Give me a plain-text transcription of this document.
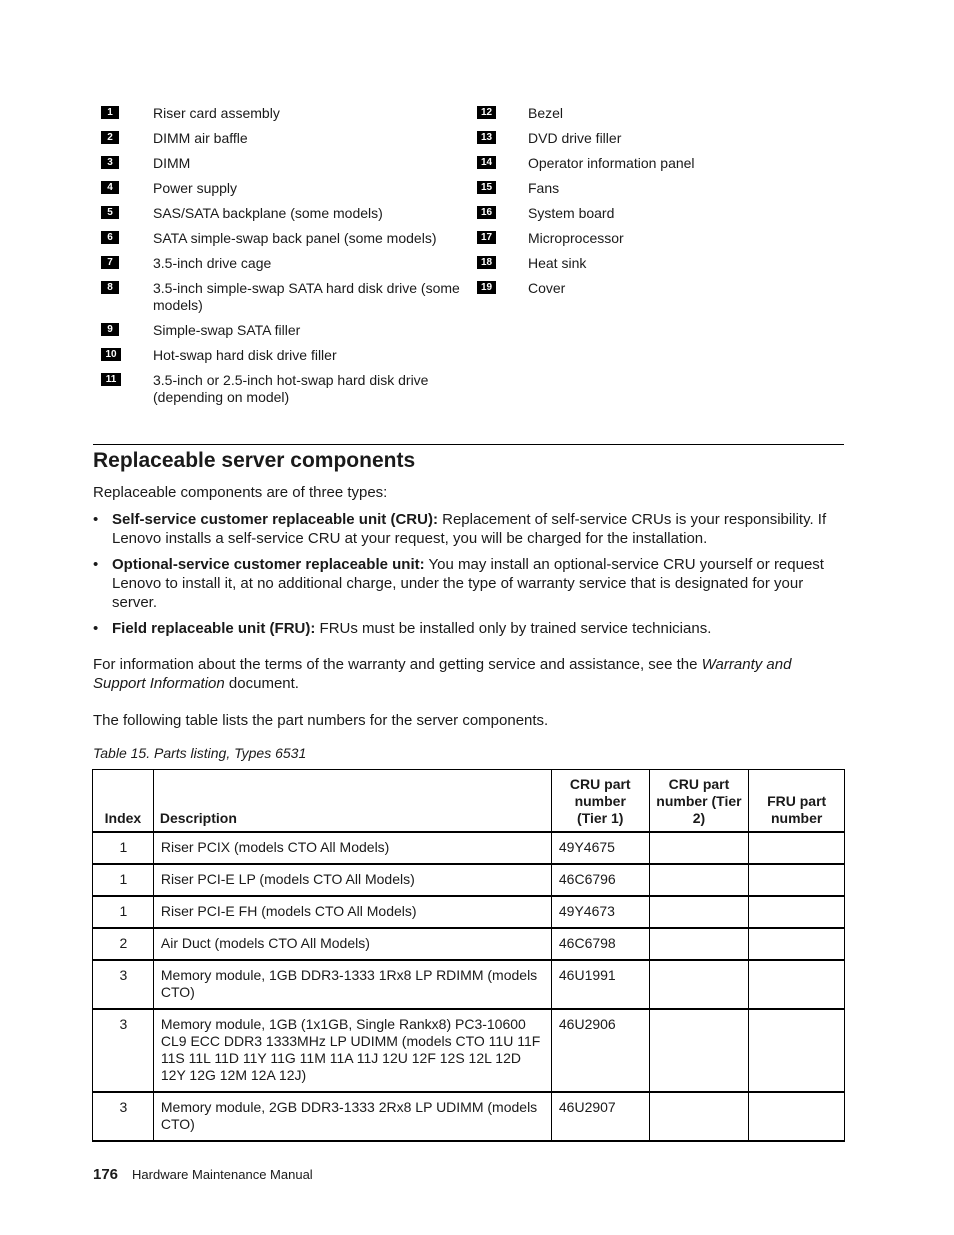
1	Riser card assembly
2	DIMM air baffle
3	DIMM
4	Power supply
5	SAS/SATA backplane (some models)
6	SATA simple-swap back panel (some models)
7	3.5-inch drive cage
8	3.5-inch simple-swap SATA hard disk drive (some models)
9	Simple-swap SATA filler
10	Hot-swap hard disk drive filler
11	3.5-inch or 2.5-inch hot-swap hard disk drive (depending on model)
12	Bezel
13	DVD drive filler
14	Operator information panel
15	Fans
16	System board
17	Microprocessor
18	Heat sink
19	Cover
Replaceable server components

Replaceable components are of three types:

• Self-service customer replaceable unit (CRU): Replacement of self-service CRUs is your responsibility. If Lenovo installs a self-service CRU at your request, you will be charged for the installation.
• Optional-service customer replaceable unit: You may install an optional-service CRU yourself or request Lenovo to install it, at no additional charge, under the type of warranty service that is designated for your server.
• Field replaceable unit (FRU): FRUs must be installed only by trained service technicians.

For information about the terms of the warranty and getting service and assistance, see the Warranty and Support Information document.

The following table lists the part numbers for the server components.

Table 15. Parts listing, Types 6531

Index	Description	CRU part number (Tier 1)	CRU part number (Tier 2)	FRU part number
1	Riser PCIX (models CTO All Models)	49Y4675		
1	Riser PCI-E LP (models CTO All Models)	46C6796		
1	Riser PCI-E FH (models CTO All Models)	49Y4673		
2	Air Duct (models CTO All Models)	46C6798		
3	Memory module, 1GB DDR3-1333 1Rx8 LP RDIMM (models CTO)	46U1991		
3	Memory module, 1GB (1x1GB, Single Rankx8) PC3-10600 CL9 ECC DDR3 1333MHz LP UDIMM (models CTO 11U 11F 11S 11L 11D 11Y 11G 11M 11A 11J 12U 12F 12S 12L 12D 12Y 12G 12M 12A 12J)	46U2906		
3	Memory module, 2GB DDR3-1333 2Rx8 LP UDIMM (models CTO)	46U2907		
176 Hardware Maintenance Manual
